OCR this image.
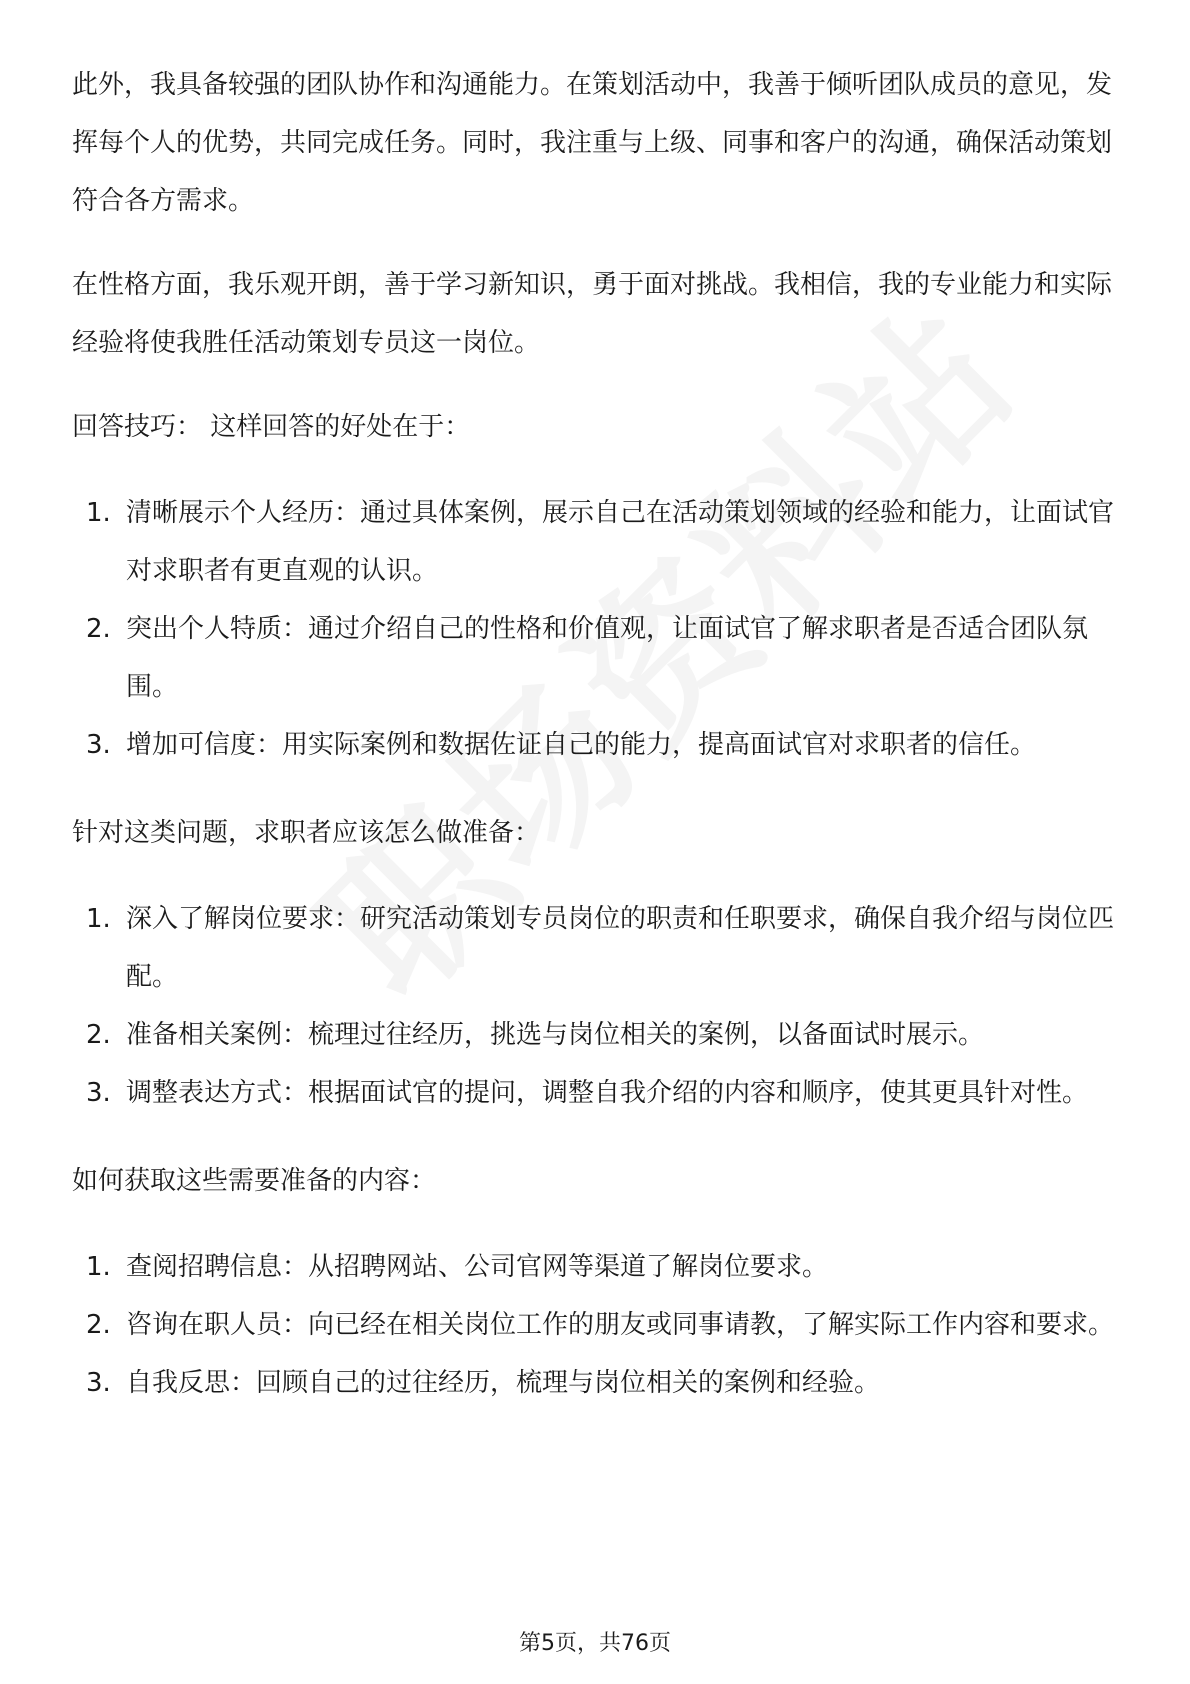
此外，我具备较强的团队协作和沟通能力。在策划活动中，我善于倾听团队成员的意见，发挥每个人的优势，共同完成任务。同时，我注重与上级、同事和客户的沟通，确保活动策划符合各方需求。

在性格方面，我乐观开朗，善于学习新知识，勇于面对挑战。我相信，我的专业能力和实际经验将使我胜任活动策划专员这一岗位。

回答技巧： 这样回答的好处在于：

1. 清晰展示个人经历：通过具体案例，展示自己在活动策划领域的经验和能力，让面试官对求职者有更直观的认识。
2. 突出个人特质：通过介绍自己的性格和价值观，让面试官了解求职者是否适合团队氛围。
3. 增加可信度：用实际案例和数据佐证自己的能力，提高面试官对求职者的信任。

针对这类问题，求职者应该怎么做准备：

1. 深入了解岗位要求：研究活动策划专员岗位的职责和任职要求，确保自我介绍与岗位匹配。
2. 准备相关案例：梳理过往经历，挑选与岗位相关的案例，以备面试时展示。
3. 调整表达方式：根据面试官的提问，调整自我介绍的内容和顺序，使其更具针对性。

如何获取这些需要准备的内容：

1. 查阅招聘信息：从招聘网站、公司官网等渠道了解岗位要求。
2. 咨询在职人员：向已经在相关岗位工作的朋友或同事请教，了解实际工作内容和要求。
3. 自我反思：回顾自己的过往经历，梳理与岗位相关的案例和经验。
第5页，共76页
